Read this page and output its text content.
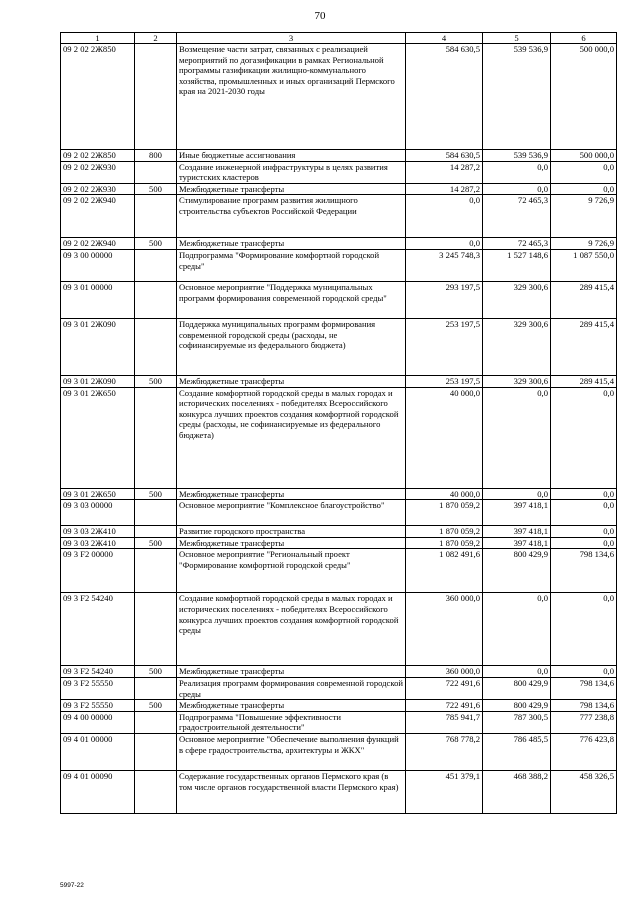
70
1	2	3	4	5	6
09 2 02 2Ж850		Возмещение части затрат, связанных с реализацией мероприятий по догазификации в рамках Региональной программы газификации жилищно-коммунального хозяйства, промышленных и иных организаций Пермского края на 2021-2030 годы	584 630,5	539 536,9	500 000,0
09 2 02 2Ж850	800	Иные бюджетные ассигнования	584 630,5	539 536,9	500 000,0
09 2 02 2Ж930		Создание инженерной инфраструктуры в целях развития туристских кластеров	14 287,2	0,0	0,0
09 2 02 2Ж930	500	Межбюджетные трансферты	14 287,2	0,0	0,0
09 2 02 2Ж940		Стимулирование программ развития жилищного строительства субъектов Российской Федерации	0,0	72 465,3	9 726,9
09 2 02 2Ж940	500	Межбюджетные трансферты	0,0	72 465,3	9 726,9
09 3 00 00000		Подпрограмма "Формирование комфортной городской среды"	3 245 748,3	1 527 148,6	1 087 550,0
09 3 01 00000		Основное мероприятие "Поддержка муниципальных программ формирования современной городской среды"	293 197,5	329 300,6	289 415,4
09 3 01 2Ж090		Поддержка муниципальных программ формирования современной городской среды (расходы, не софинансируемые из федерального бюджета)	253 197,5	329 300,6	289 415,4
09 3 01 2Ж090	500	Межбюджетные трансферты	253 197,5	329 300,6	289 415,4
09 3 01 2Ж650		Создание комфортной городской среды в малых городах и исторических поселениях - победителях Всероссийского конкурса лучших проектов создания комфортной городской среды (расходы, не софинансируемые из федерального бюджета)	40 000,0	0,0	0,0
09 3 01 2Ж650	500	Межбюджетные трансферты	40 000,0	0,0	0,0
09 3 03 00000		Основное мероприятие "Комплексное благоустройство"	1 870 059,2	397 418,1	0,0
09 3 03 2Ж410		Развитие городского пространства	1 870 059,2	397 418,1	0,0
09 3 03 2Ж410	500	Межбюджетные трансферты	1 870 059,2	397 418,1	0,0
09 3 F2 00000		Основное мероприятие "Региональный проект "Формирование комфортной городской среды"	1 082 491,6	800 429,9	798 134,6
09 3 F2 54240		Создание комфортной городской среды в малых городах и исторических поселениях - победителях Всероссийского конкурса лучших проектов создания комфортной городской среды	360 000,0	0,0	0,0
09 3 F2 54240	500	Межбюджетные трансферты	360 000,0	0,0	0,0
09 3 F2 55550		Реализация программ формирования современной городской среды	722 491,6	800 429,9	798 134,6
09 3 F2 55550	500	Межбюджетные трансферты	722 491,6	800 429,9	798 134,6
09 4 00 00000		Подпрограмма "Повышение эффективности градостроительной деятельности"	785 941,7	787 300,5	777 238,8
09 4 01 00000		Основное мероприятие "Обеспечение выполнения функций в сфере градостроительства, архитектуры и ЖКХ"	768 778,2	786 485,5	776 423,8
09 4 01 00090		Содержание государственных органов Пермского края (в том числе органов государственной власти Пермского края)	451 379,1	468 388,2	458 326,5
5997-22
